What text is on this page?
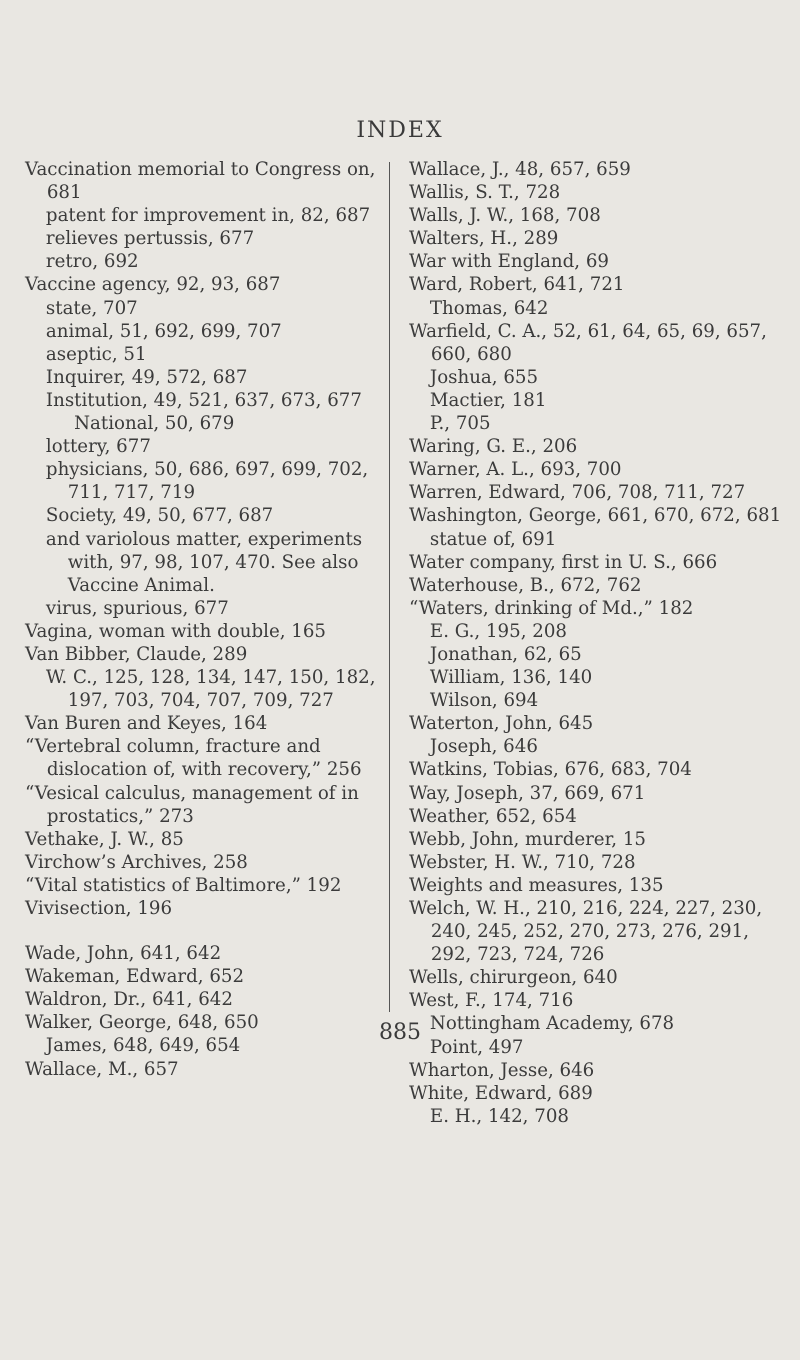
INDEX
Vaccination memorial to Congress on, 681
patent for improvement in, 82, 687
relieves pertussis, 677
retro, 692
Vaccine agency, 92, 93, 687
state, 707
animal, 51, 692, 699, 707
aseptic, 51
Inquirer, 49, 572, 687
Institution, 49, 521, 637, 673, 677
National, 50, 679
lottery, 677
physicians, 50, 686, 697, 699, 702, 711, 717, 719
Society, 49, 50, 677, 687
and variolous matter, experiments with, 97, 98, 107, 470. See also Vaccine Animal.
virus, spurious, 677
Vagina, woman with double, 165
Van Bibber, Claude, 289
W. C., 125, 128, 134, 147, 150, 182, 197, 703, 704, 707, 709, 727
Van Buren and Keyes, 164
“Vertebral column, fracture and dislocation of, with recovery,” 256
“Vesical calculus, management of in prostatics,” 273
Vethake, J. W., 85
Virchow’s Archives, 258
“Vital statistics of Baltimore,” 192
Vivisection, 196
Wade, John, 641, 642
Wakeman, Edward, 652
Waldron, Dr., 641, 642
Walker, George, 648, 650
James, 648, 649, 654
Wallace, M., 657
Wallace, J., 48, 657, 659
Wallis, S. T., 728
Walls, J. W., 168, 708
Walters, H., 289
War with England, 69
Ward, Robert, 641, 721
Thomas, 642
Warfield, C. A., 52, 61, 64, 65, 69, 657, 660, 680
Joshua, 655
Mactier, 181
P., 705
Waring, G. E., 206
Warner, A. L., 693, 700
Warren, Edward, 706, 708, 711, 727
Washington, George, 661, 670, 672, 681
statue of, 691
Water company, first in U. S., 666
Waterhouse, B., 672, 762
“Waters, drinking of Md.,” 182
E. G., 195, 208
Jonathan, 62, 65
William, 136, 140
Wilson, 694
Waterton, John, 645
Joseph, 646
Watkins, Tobias, 676, 683, 704
Way, Joseph, 37, 669, 671
Weather, 652, 654
Webb, John, murderer, 15
Webster, H. W., 710, 728
Weights and measures, 135
Welch, W. H., 210, 216, 224, 227, 230, 240, 245, 252, 270, 273, 276, 291, 292, 723, 724, 726
Wells, chirurgeon, 640
West, F., 174, 716
Nottingham Academy, 678
Point, 497
Wharton, Jesse, 646
White, Edward, 689
E. H., 142, 708
885
